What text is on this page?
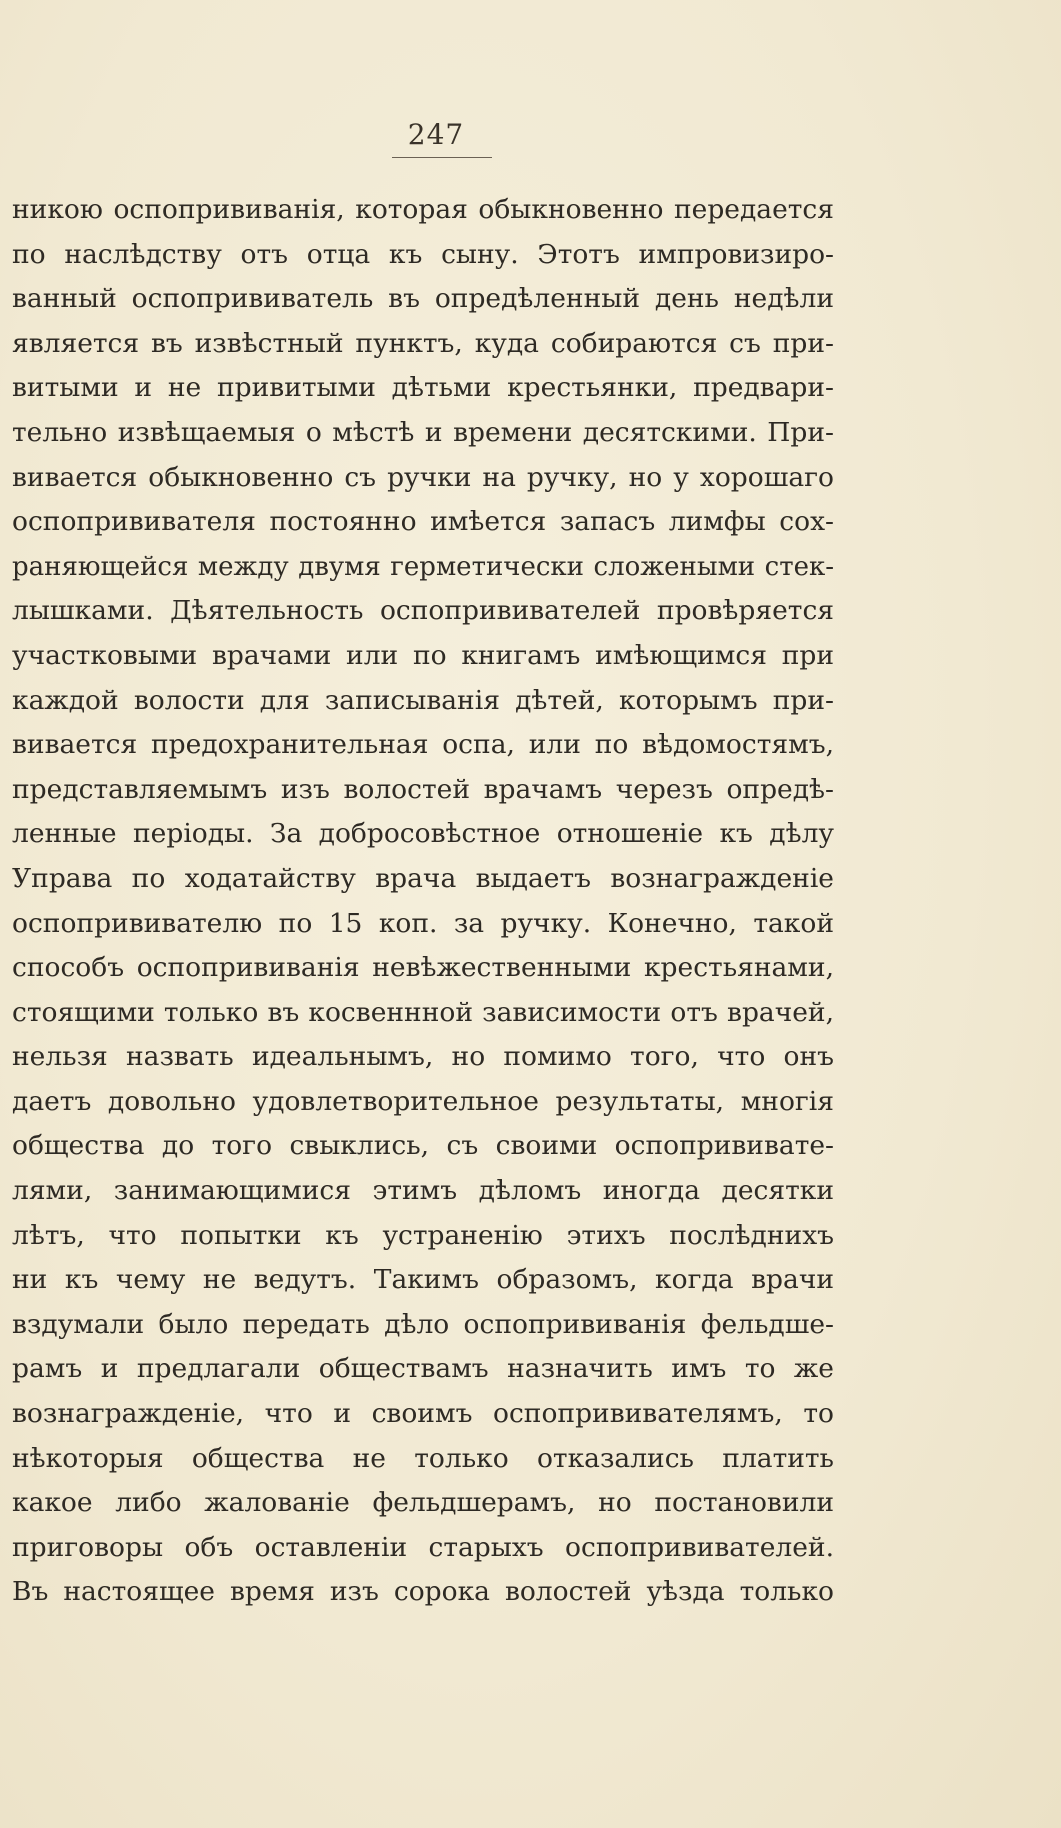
247
никою оспопрививанія, которая обыкновенно передается
по наслѣдству отъ отца къ сыну. Этотъ импровизиро-
ванный оспопрививатель въ опредѣленный день недѣли
является въ извѣстный пунктъ, куда собираются съ при-
витыми и не привитыми дѣтьми крестьянки, предвари-
тельно извѣщаемыя о мѣстѣ и времени десятскими. При-
вивается обыкновенно съ ручки на ручку, но у хорошаго
оспопрививателя постоянно имѣется запасъ лимфы сох-
раняющейся между двумя герметически сложеными стек-
лышками. Дѣятельность оспопрививателей провѣряется
участковыми врачами или по книгамъ имѣющимся при
каждой волости для записыванія дѣтей, которымъ при-
вивается предохранительная оспа, или по вѣдомостямъ,
представляемымъ изъ волостей врачамъ черезъ опредѣ-
ленные періоды. За добросовѣстное отношеніе къ дѣлу
Управа по ходатайству врача выдаетъ вознагражденіе
оспопрививателю по 15 коп. за ручку. Конечно, такой
способъ оспопрививанія невѣжественными крестьянами,
стоящими только въ косвеннной зависимости отъ врачей,
нельзя назвать идеальнымъ, но помимо того, что онъ
даетъ довольно удовлетворительное результаты, многія
общества до того свыклись, съ своими оспопрививате-
лями, занимающимися этимъ дѣломъ иногда десятки
лѣтъ, что попытки къ устраненію этихъ послѣднихъ
ни къ чему не ведутъ. Такимъ образомъ, когда врачи
вздумали было передать дѣло оспопрививанія фельдше-
рамъ и предлагали обществамъ назначить имъ то же
вознагражденіе, что и своимъ оспопрививателямъ, то
нѣкоторыя общества не только отказались платить
какое либо жалованіе фельдшерамъ, но постановили
приговоры объ оставленіи старыхъ оспопрививателей.
Въ настоящее время изъ сорока волостей уѣзда только
